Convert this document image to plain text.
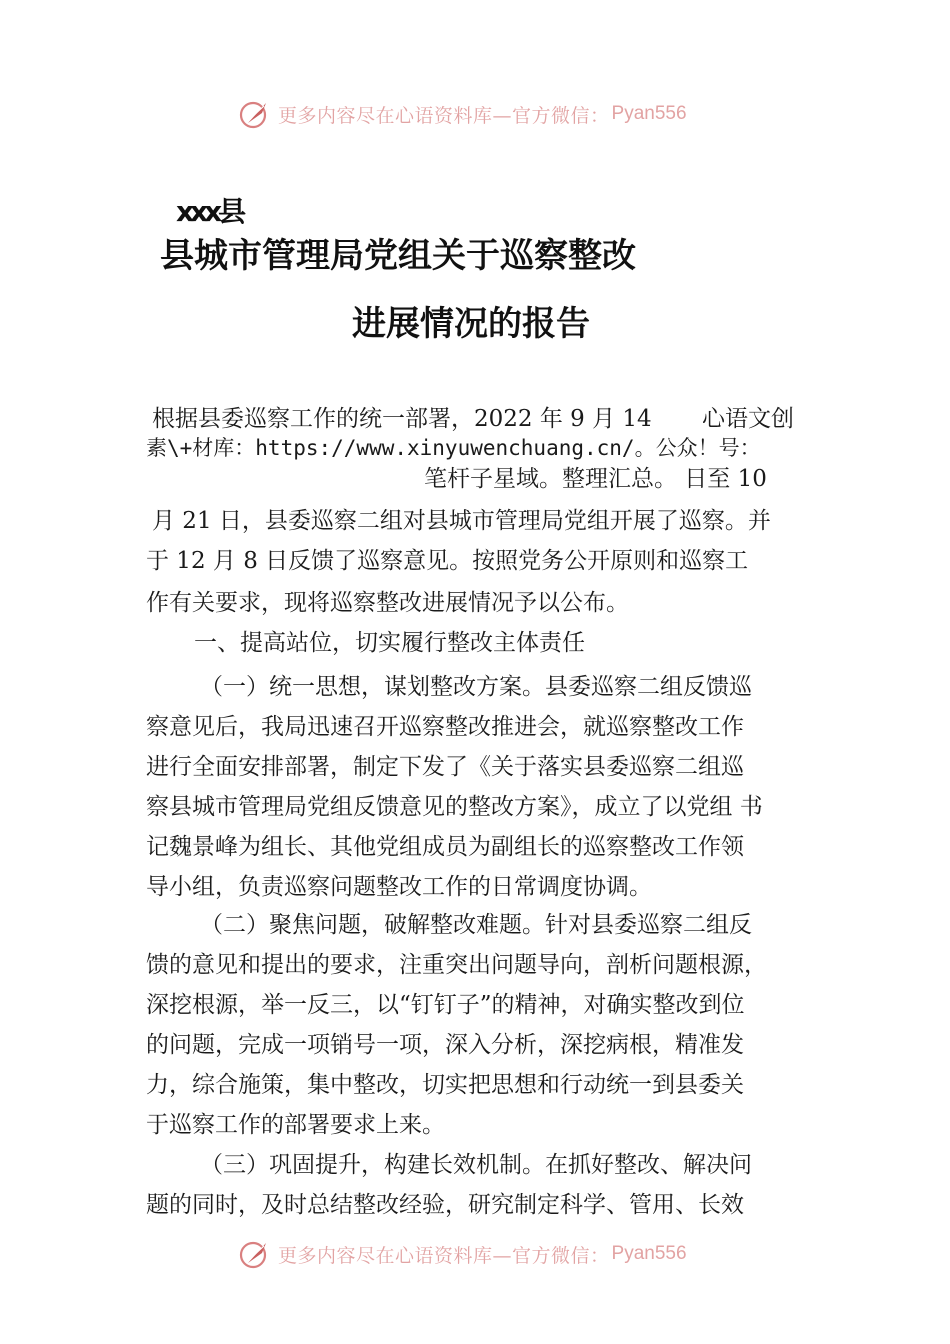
更多内容尽在心语资料库—官方微信： Pyan556
xxx县
县城市管理局党组关于巡察整改
进展情况的报告
根据县委巡察工作的统一部署，2022 年 9 月 14 心语文创
素\+材库：https://www.xinyuwenchuang.cn/。公众！号：
笔杆子星域。整理汇总。 日至 10
月 21 日，县委巡察二组对县城市管理局党组开展了巡察。并
于 12 月 8 日反馈了巡察意见。按照党务公开原则和巡察工
作有关要求，现将巡察整改进展情况予以公布。
一、提高站位，切实履行整改主体责任
（一）统一思想，谋划整改方案。县委巡察二组反馈巡
察意见后，我局迅速召开巡察整改推进会，就巡察整改工作
进行全面安排部署，制定下发了《关于落实县委巡察二组巡
察县城市管理局党组反馈意见的整改方案》，成立了以党组 书
记魏景峰为组长、其他党组成员为副组长的巡察整改工作领
导小组，负责巡察问题整改工作的日常调度协调。
（二）聚焦问题，破解整改难题。针对县委巡察二组反
馈的意见和提出的要求，注重突出问题导向，剖析问题根源，
深挖根源，举一反三，以“钉钉子”的精神，对确实整改到位
的问题，完成一项销号一项，深入分析，深挖病根，精准发
力，综合施策，集中整改，切实把思想和行动统一到县委关
于巡察工作的部署要求上来。
（三）巩固提升，构建长效机制。在抓好整改、解决问
题的同时，及时总结整改经验，研究制定科学、管用、长效
更多内容尽在心语资料库—官方微信： Pyan556
